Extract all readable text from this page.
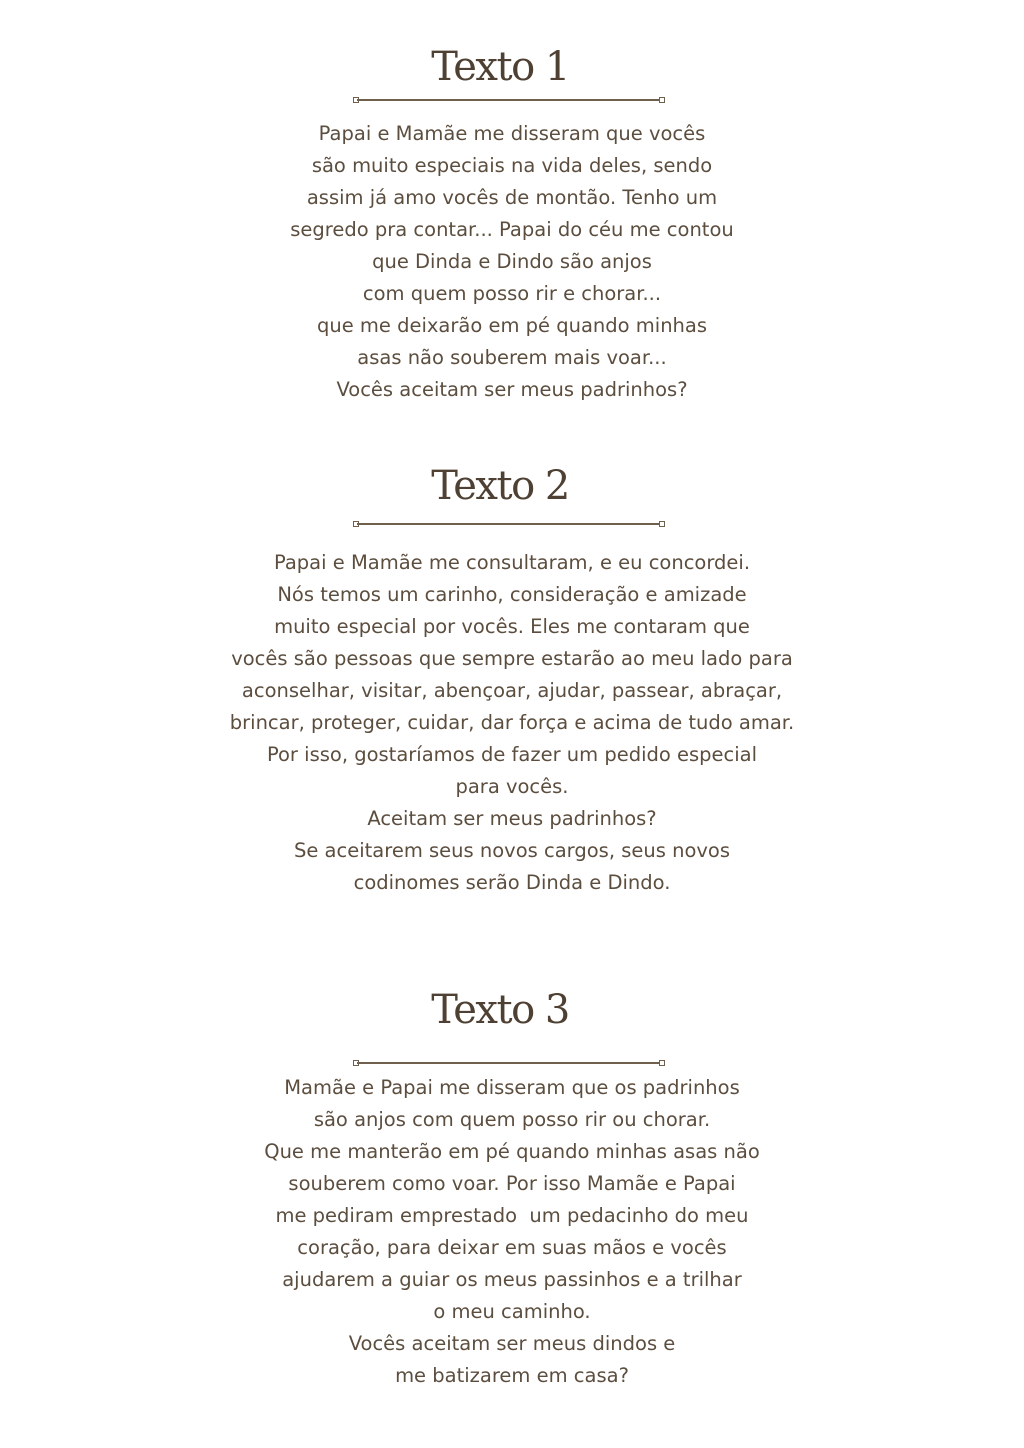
Texto 1
Papai e Mamãe me disseram que vocês
são muito especiais na vida deles, sendo
assim já amo vocês de montão. Tenho um
segredo pra contar... Papai do céu me contou
que Dinda e Dindo são anjos
com quem posso rir e chorar...
que me deixarão em pé quando minhas
asas não souberem mais voar...
Vocês aceitam ser meus padrinhos?
Texto 2
Papai e Mamãe me consultaram, e eu concordei.
Nós temos um carinho, consideração e amizade
muito especial por vocês. Eles me contaram que
vocês são pessoas que sempre estarão ao meu lado para
aconselhar, visitar, abençoar, ajudar, passear, abraçar,
brincar, proteger, cuidar, dar força e acima de tudo amar.
Por isso, gostaríamos de fazer um pedido especial
para vocês.
Aceitam ser meus padrinhos?
Se aceitarem seus novos cargos, seus novos
codinomes serão Dinda e Dindo.
Texto 3
Mamãe e Papai me disseram que os padrinhos
são anjos com quem posso rir ou chorar.
Que me manterão em pé quando minhas asas não
souberem como voar. Por isso Mamãe e Papai
me pediram emprestado  um pedacinho do meu
coração, para deixar em suas mãos e vocês
ajudarem a guiar os meus passinhos e a trilhar
o meu caminho.
Vocês aceitam ser meus dindos e
me batizarem em casa?
